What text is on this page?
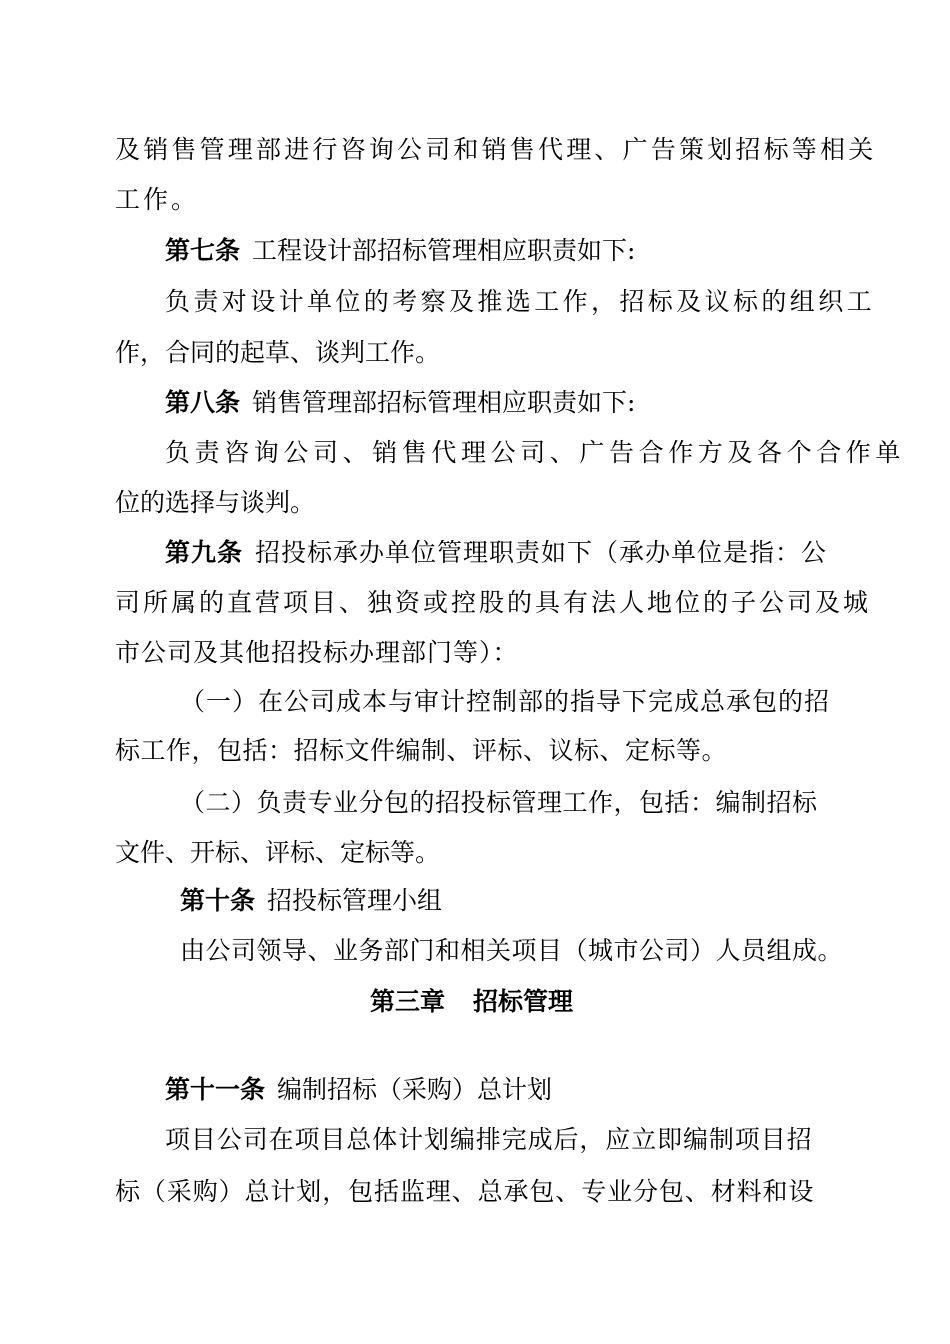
及销售管理部进行咨询公司和销售代理、广告策划招标等相关
工作。
第七条 工程设计部招标管理相应职责如下:
负责对设计单位的考察及推选工作，招标及议标的组织工
作，合同的起草、谈判工作。
第八条 销售管理部招标管理相应职责如下:
负责咨询公司、销售代理公司、广告合作方及各个合作单
位的选择与谈判。
第九条 招投标承办单位管理职责如下（承办单位是指：公
司所属的直营项目、独资或控股的具有法人地位的子公司及城
市公司及其他招投标办理部门等）：
（一）在公司成本与审计控制部的指导下完成总承包的招
标工作，包括：招标文件编制、评标、议标、定标等。
（二）负责专业分包的招投标管理工作，包括：编制招标
文件、开标、评标、定标等。
第十条 招投标管理小组
由公司领导、业务部门和相关项目（城市公司）人员组成。
第三章 招标管理
第十一条 编制招标（采购）总计划
项目公司在项目总体计划编排完成后，应立即编制项目招
标（采购）总计划，包括监理、总承包、专业分包、材料和设
